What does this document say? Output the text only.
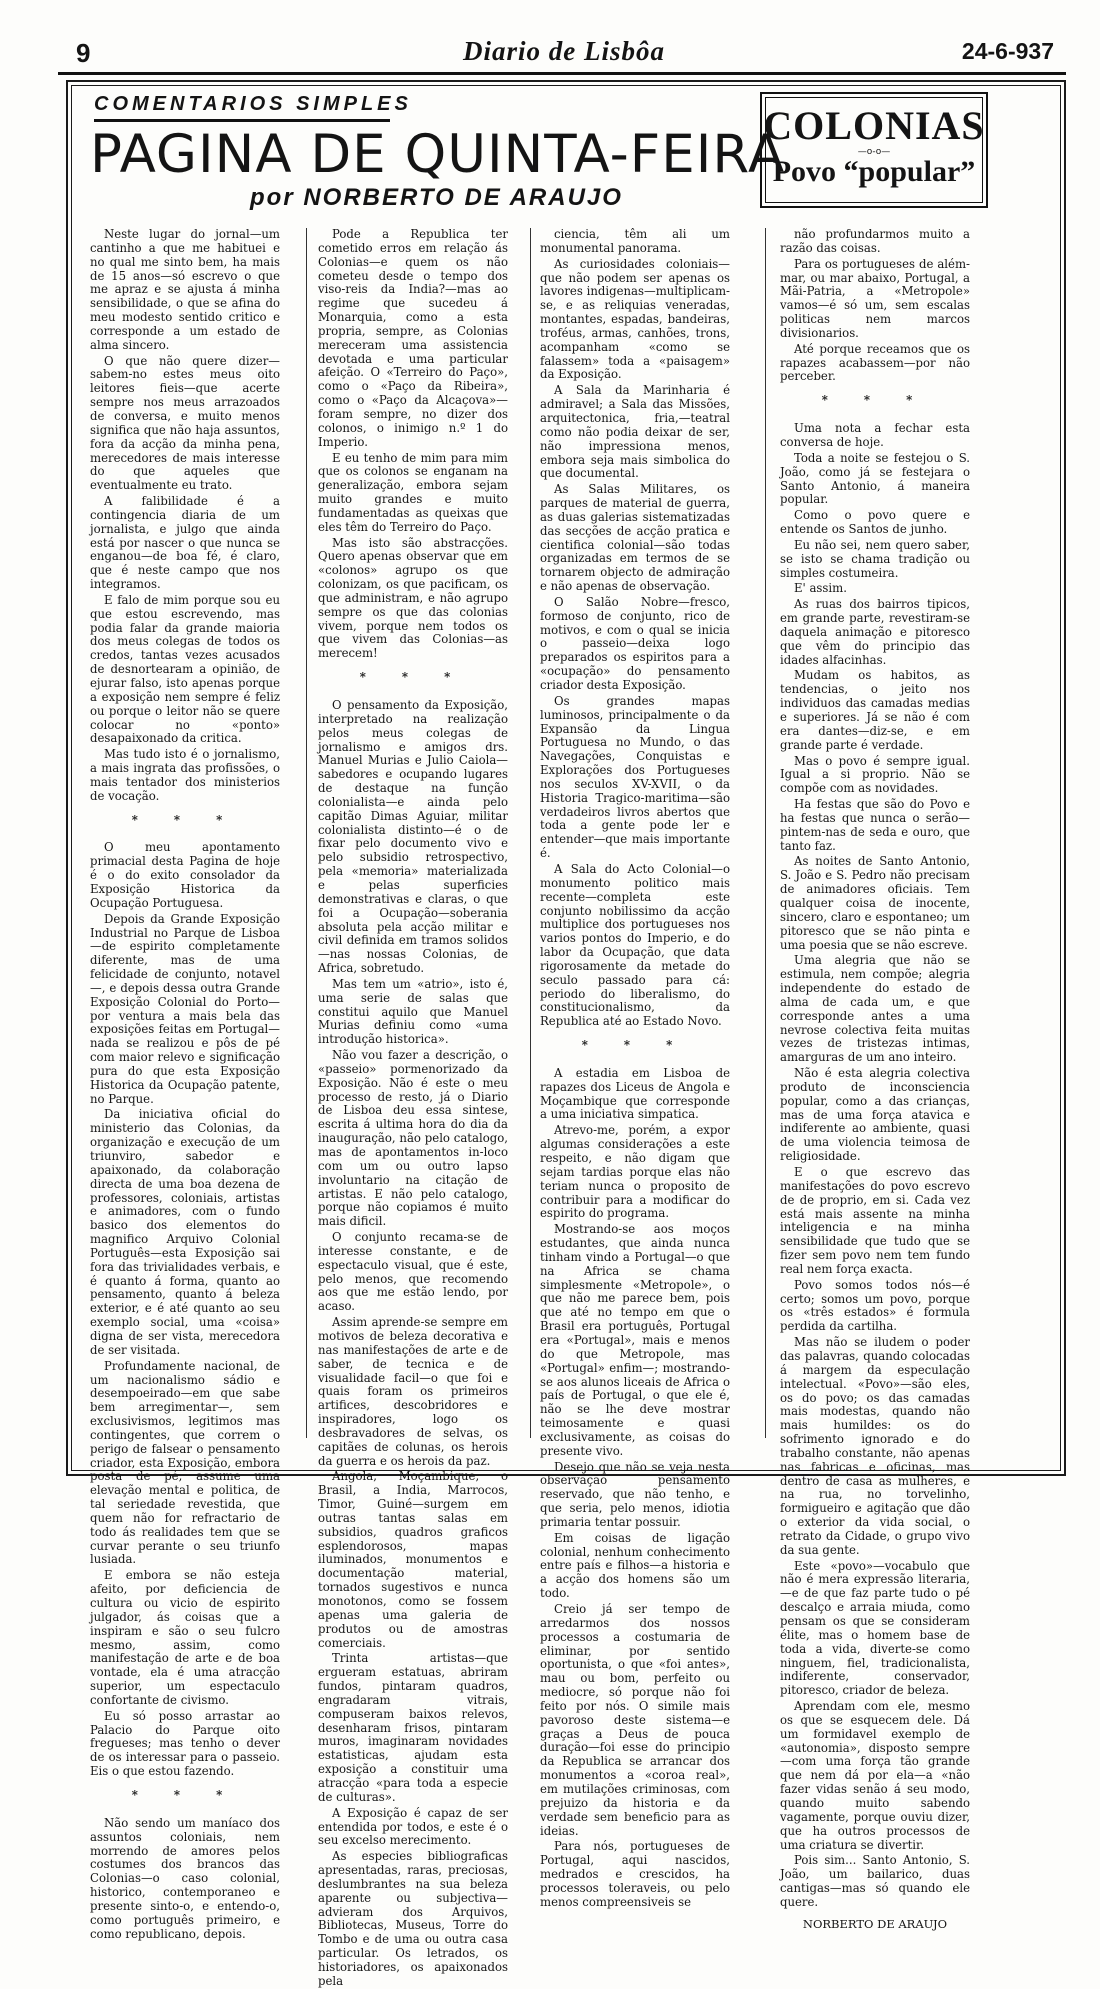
9	Diario de Lisbôa	24-6-937
COMENTARIOS SIMPLES
PAGINA DE QUINTA-FEIRA
por NORBERTO DE ARAUJO
COLONIAS
—o-o—
Povo “popular”

Neste lugar do jornal—um cantinho a que me habituei e no qual me sinto bem, ha mais de 15 anos—só escrevo o que me apraz e se ajusta á minha sensibilidade, o que se afina do meu modesto sentido critico e corresponde a um estado de alma sincero.

O que não quere dizer—sabem-no estes meus oito leitores fieis—que acerte sempre nos meus arrazoados de conversa, e muito menos significa que não haja assuntos, fora da acção da minha pena, merecedores de mais interesse do que aqueles que eventualmente eu trato.

A falibilidade é a contingencia diaria de um jornalista, e julgo que ainda está por nascer o que nunca se enganou—de boa fé, é claro, que é neste campo que nos integramos.

E falo de mim porque sou eu que estou escrevendo, mas podia falar da grande maioria dos meus colegas de todos os credos, tantas vezes acusados de desnortearam a opinião, de ejurar falso, isto apenas porque a exposição nem sempre é feliz ou porque o leitor não se quere colocar no «ponto» desapaixonado da critica.

Mas tudo isto é o jornalismo, a mais ingrata das profissões, o mais tentador dos ministerios de vocação.

* * *

O meu apontamento primacial desta Pagina de hoje é o do exito consolador da Exposição Historica da Ocupação Portuguesa.

Depois da Grande Exposição Industrial no Parque de Lisboa—de espirito completamente diferente, mas de uma felicidade de conjunto, notavel—, e depois dessa outra Grande Exposição Colonial do Porto—por ventura a mais bela das exposições feitas em Portugal—nada se realizou e pôs de pé com maior relevo e significação pura do que esta Exposição Historica da Ocupação patente, no Parque.

Da iniciativa oficial do ministerio das Colonias, da organização e execução de um triunviro, sabedor e apaixonado, da colaboração directa de uma boa dezena de professores, coloniais, artistas e animadores, com o fundo basico dos elementos do magnifico Arquivo Colonial Português—esta Exposição sai fora das trivialidades verbais, e é quanto á forma, quanto ao pensamento, quanto á beleza exterior, e é até quanto ao seu exemplo social, uma «coisa» digna de ser vista, merecedora de ser visitada.

Profundamente nacional, de um nacionalismo sádio e desempoeirado—em que sabe bem arregimentar—, sem exclusivismos, legitimos mas contingentes, que correm o perigo de falsear o pensamento criador, esta Exposição, embora posta de pé, assume uma elevação mental e politica, de tal seriedade revestida, que quem não for refractario de todo ás realidades tem que se curvar perante o seu triunfo lusiada.

E embora se não esteja afeito, por deficiencia de cultura ou vicio de espirito julgador, ás coisas que a inspiram e são o seu fulcro mesmo, assim, como manifestação de arte e de boa vontade, ela é uma atracção superior, um espectaculo confortante de civismo.

Eu só posso arrastar ao Palacio do Parque oito fregueses; mas tenho o dever de os interessar para o passeio. Eis o que estou fazendo.

* * *

Não sendo um maníaco dos assuntos coloniais, nem morrendo de amores pelos costumes dos brancos das Colonias—o caso colonial, historico, contemporaneo e presente sinto-o, e entendo-o, como português primeiro, e como republicano, depois.

Pode a Republica ter cometido erros em relação ás Colonias—e quem os não cometeu desde o tempo dos viso-reis da India?—mas ao regime que sucedeu á Monarquia, como a esta propria, sempre, as Colonias mereceram uma assistencia devotada e uma particular afeição. O «Terreiro do Paço», como o «Paço da Ribeira», como o «Paço da Alcaçova»—foram sempre, no dizer dos colonos, o inimigo n.º 1 do Imperio.

E eu tenho de mim para mim que os colonos se enganam na generalização, embora sejam muito grandes e muito fundamentadas as queixas que eles têm do Terreiro do Paço.

Mas isto são abstracções. Quero apenas observar que em «colonos» agrupo os que colonizam, os que pacificam, os que administram, e não agrupo sempre os que das colonias vivem, porque nem todos os que vivem das Colonias—as merecem!

* * *

O pensamento da Exposição, interpretado na realização pelos meus colegas de jornalismo e amigos drs. Manuel Murias e Julio Caiola— sabedores e ocupando lugares de destaque na função colonialista—e ainda pelo capitão Dimas Aguiar, militar colonialista distinto—é o de fixar pelo documento vivo e pelo subsidio retrospectivo, pela «memoria» materializada e pelas superficies demonstrativas e claras, o que foi a Ocupação—soberania absoluta pela acção militar e civil definida em tramos solidos—nas nossas Colonias, de Africa, sobretudo.

Mas tem um «atrio», isto é, uma serie de salas que constitui aquilo que Manuel Murias definiu como «uma introdução historica».

Não vou fazer a descrição, o «passeio» pormenorizado da Exposição. Não é este o meu processo de resto, já o Diario de Lisboa deu essa sintese, escrita á ultima hora do dia da inauguração, não pelo catalogo, mas de apontamentos in-loco com um ou outro lapso involuntario na citação de artistas. E não pelo catalogo, porque não copiamos é muito mais dificil.

O conjunto recama-se de interesse constante, e de espectaculo visual, que é este, pelo menos, que recomendo aos que me estão lendo, por acaso.

Assim aprende-se sempre em motivos de beleza decorativa e nas manifestações de arte e de saber, de tecnica e de visualidade facil—o que foi e quais foram os primeiros artifices, descobridores e inspiradores, logo os desbravadores de selvas, os capitães de colunas, os herois da guerra e os herois da paz.

Angola, Moçambique, o Brasil, a India, Marrocos, Timor, Guiné—surgem em outras tantas salas em subsidios, quadros graficos esplendorosos, mapas iluminados, monumentos e documentação material, tornados sugestivos e nunca monotonos, como se fossem apenas uma galeria de produtos ou de amostras comerciais.

Trinta artistas—que ergueram estatuas, abriram fundos, pintaram quadros, engradaram vitrais, compuseram baixos relevos, desenharam frisos, pintaram muros, imaginaram novidades estatisticas, ajudam esta exposição a constituir uma atracção «para toda a especie de culturas».

A Exposição é capaz de ser entendida por todos, e este é o seu excelso merecimento.

As especies bibliograficas apresentadas, raras, preciosas, deslumbrantes na sua beleza aparente ou subjectiva—advieram dos Arquivos, Bibliotecas, Museus, Torre do Tombo e de uma ou outra casa particular. Os letrados, os historiadores, os apaixonados pela

ciencia, têm ali um monumental panorama.

As curiosidades coloniais—que não podem ser apenas os lavores indigenas—multiplicam-se, e as reliquias veneradas, montantes, espadas, bandeiras, troféus, armas, canhões, trons, acompanham «como se falassem» toda a «paisagem» da Exposição.

A Sala da Marinharia é admiravel; a Sala das Missões, arquitectonica, fria,—teatral como não podia deixar de ser, não impressiona menos, embora seja mais simbolica do que documental.

As Salas Militares, os parques de material de guerra, as duas galerias sistematizadas das secções de acção pratica e cientifica colonial—são todas organizadas em termos de se tornarem objecto de admiração e não apenas de observação.

O Salão Nobre—fresco, formoso de conjunto, rico de motivos, e com o qual se inicia o passeio—deixa logo preparados os espiritos para a «ocupação» do pensamento criador desta Exposição.

Os grandes mapas luminosos, principalmente o da Expansão da Lingua Portuguesa no Mundo, o das Navegações, Conquistas e Explorações dos Portugueses nos seculos XV-XVII, o da Historia Tragico-maritima—são verdadeiros livros abertos que toda a gente pode ler e entender—que mais importante é.

A Sala do Acto Colonial—o monumento politico mais recente—completa este conjunto nobilissimo da acção multiplice dos portugueses nos varios pontos do Imperio, e do labor da Ocupação, que data rigorosamente da metade do seculo passado para cá: periodo do liberalismo, do constitucionalismo, da Republica até ao Estado Novo.

* * *

A estadia em Lisboa de rapazes dos Liceus de Angola e Moçambique que corresponde a uma iniciativa simpatica.

Atrevo-me, porém, a expor algumas considerações a este respeito, e não digam que sejam tardias porque elas não teriam nunca o proposito de contribuir para a modificar do espirito do programa.

Mostrando-se aos moços estudantes, que ainda nunca tinham vindo a Portugal—o que na Africa se chama simplesmente «Metropole», o que não me parece bem, pois que até no tempo em que o Brasil era português, Portugal era «Portugal», mais e menos do que Metropole, mas «Portugal» enfim—; mostrando-se aos alunos liceais de Africa o país de Portugal, o que ele é, não se lhe deve mostrar teimosamente e quasi exclusivamente, as coisas do presente vivo.

Desejo que não se veja nesta observação pensamento reservado, que não tenho, e que seria, pelo menos, idiotia primaria tentar possuir.

Em coisas de ligação colonial, nenhum conhecimento entre país e filhos—a historia e a acção dos homens são um todo.

Creio já ser tempo de arredarmos dos nossos processos a costumaria de eliminar, por sentido oportunista, o que «foi antes», mau ou bom, perfeito ou mediocre, só porque não foi feito por nós. O simile mais pavoroso deste sistema—e graças a Deus de pouca duração—foi esse do principio da Republica se arrancar dos monumentos a «coroa real», em mutilações criminosas, com prejuizo da historia e da verdade sem beneficio para as ideias.

Para nós, portugueses de Portugal, aqui nascidos, medrados e crescidos, ha processos toleraveis, ou pelo menos compreensiveis se

não profundarmos muito a razão das coisas.

Para os portugueses de além-mar, ou mar abaixo, Portugal, a Mãi-Patria, a «Metropole» vamos—é só um, sem escalas politicas nem marcos divisionarios.

Até porque receamos que os rapazes acabassem—por não perceber.

* * *

Uma nota a fechar esta conversa de hoje.

Toda a noite se festejou o S. João, como já se festejara o Santo Antonio, á maneira popular.

Como o povo quere e entende os Santos de junho.

Eu não sei, nem quero saber, se isto se chama tradição ou simples costumeira.

E' assim.

As ruas dos bairros tipicos, em grande parte, revestiram-se daquela animação e pitoresco que vêm do principio das idades alfacinhas.

Mudam os habitos, as tendencias, o jeito nos individuos das camadas medias e superiores. Já se não é com era dantes—diz-se, e em grande parte é verdade.

Mas o povo é sempre igual. Igual a si proprio. Não se compõe com as novidades.

Ha festas que são do Povo e ha festas que nunca o serão—pintem-nas de seda e ouro, que tanto faz.

As noites de Santo Antonio, S. João e S. Pedro não precisam de animadores oficiais. Tem qualquer coisa de inocente, sincero, claro e espontaneo; um pitoresco que se não pinta e uma poesia que se não escreve.

Uma alegria que não se estimula, nem compõe; alegria independente do estado de alma de cada um, e que corresponde antes a uma nevrose colectiva feita muitas vezes de tristezas intimas, amarguras de um ano inteiro.

Não é esta alegria colectiva produto de inconsciencia popular, como a das crianças, mas de uma força atavica e indiferente ao ambiente, quasi de uma violencia teimosa de religiosidade.

E o que escrevo das manifestações do povo escrevo de de proprio, em si. Cada vez está mais assente na minha inteligencia e na minha sensibilidade que tudo que se fizer sem povo nem tem fundo real nem força exacta.

Povo somos todos nós—é certo; somos um povo, porque os «três estados» é formula perdida da cartilha.

Mas não se iludem o poder das palavras, quando colocadas á margem da especulação intelectual. «Povo»—são eles, os do povo; os das camadas mais modestas, quando não mais humildes: os do sofrimento ignorado e do trabalho constante, não apenas nas fabricas e oficinas, mas dentro de casa as mulheres, e na rua, no torvelinho, formigueiro e agitação que dão o exterior da vida social, o retrato da Cidade, o grupo vivo da sua gente.

Este «povo»—vocabulo que não é mera expressão literaria,—e de que faz parte tudo o pé descalço e arraia miuda, como pensam os que se consideram élite, mas o homem base de toda a vida, diverte-se como ninguem, fiel, tradicionalista, indiferente, conservador, pitoresco, criador de beleza.

Aprendam com ele, mesmo os que se esquecem dele. Dá um formidavel exemplo de «autonomia», disposto sempre—com uma força tão grande que nem dá por ela—a «não fazer vidas senão á seu modo, quando muito sabendo vagamente, porque ouviu dizer, que ha outros processos de uma criatura se divertir.

Pois sim... Santo Antonio, S. João, um bailarico, duas cantigas—mas só quando ele quere.

NORBERTO DE ARAUJO
